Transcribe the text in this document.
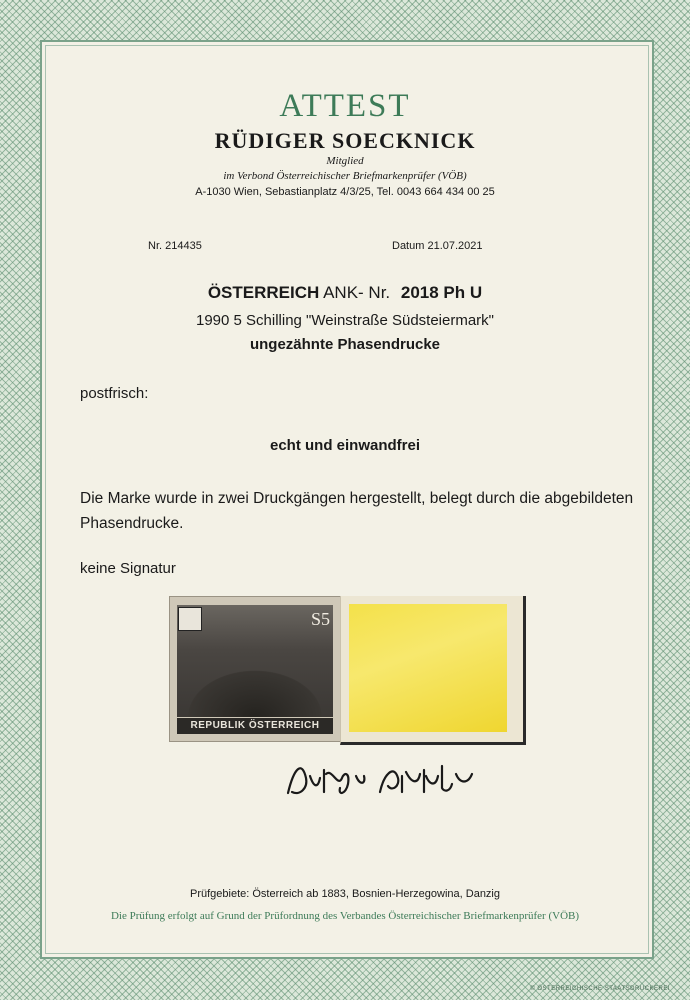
ATTEST
RÜDIGER SOECKNICK
Mitglied
im Verbond Österreichischer Briefmarkenprüfer (VÖB)
A-1030 Wien, Sebastianplatz 4/3/25, Tel. 0043 664 434 00 25
Nr. 214435	Datum 21.07.2021
ÖSTERREICH ANK- Nr. 2018 Ph U
1990 5 Schilling "Weinstraße Südsteiermark"
ungezähnte Phasendrucke
postfrisch:
echt und einwandfrei
Die Marke wurde in zwei Druckgängen hergestellt, belegt durch die abgebildeten Phasendrucke.
keine Signatur
S5
REPUBLIK ÖSTERREICH
Prüfgebiete: Österreich ab 1883, Bosnien-Herzegowina, Danzig
Die Prüfung erfolgt auf Grund der Prüfordnung des Verbandes Österreichischer Briefmarkenprüfer (VÖB)
© ÖSTERREICHISCHE STAATSDRUCKEREI
